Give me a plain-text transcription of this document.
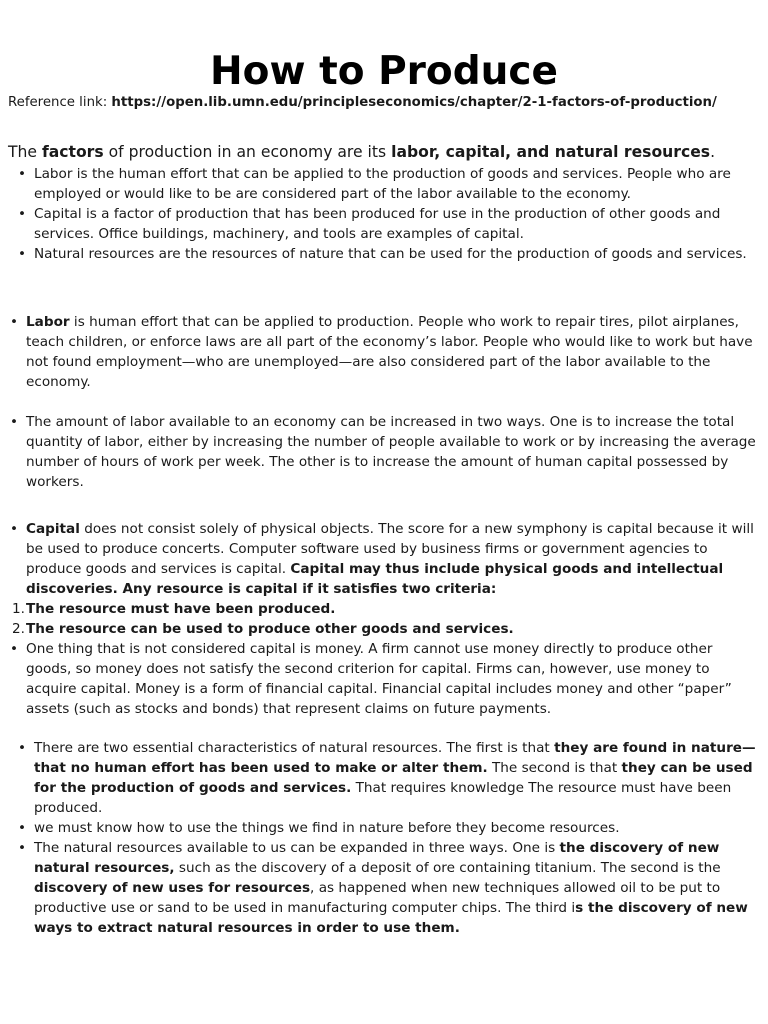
How to Produce
Reference link: https://open.lib.umn.edu/principleseconomics/chapter/2-1-factors-of-production/
The factors of production in an economy are its labor, capital, and natural resources.
• Labor is the human effort that can be applied to the production of goods and services. People who are employed or would like to be are considered part of the labor available to the economy.
• Capital is a factor of production that has been produced for use in the production of other goods and services. Office buildings, machinery, and tools are examples of capital.
• Natural resources are the resources of nature that can be used for the production of goods and services.
• Labor is human effort that can be applied to production. People who work to repair tires, pilot airplanes, teach children, or enforce laws are all part of the economy’s labor. People who would like to work but have not found employment—who are unemployed—are also considered part of the labor available to the economy.
• The amount of labor available to an economy can be increased in two ways. One is to increase the total quantity of labor, either by increasing the number of people available to work or by increasing the average number of hours of work per week. The other is to increase the amount of human capital possessed by workers.
• Capital does not consist solely of physical objects. The score for a new symphony is capital because it will be used to produce concerts. Computer software used by business firms or government agencies to produce goods and services is capital. Capital may thus include physical goods and intellectual discoveries. Any resource is capital if it satisfies two criteria:
1. The resource must have been produced.
2. The resource can be used to produce other goods and services.
• One thing that is not considered capital is money. A firm cannot use money directly to produce other goods, so money does not satisfy the second criterion for capital. Firms can, however, use money to acquire capital. Money is a form of financial capital. Financial capital includes money and other “paper” assets (such as stocks and bonds) that represent claims on future payments.
• There are two essential characteristics of natural resources. The first is that they are found in nature—that no human effort has been used to make or alter them. The second is that they can be used for the production of goods and services. That requires knowledge The resource must have been produced.
• we must know how to use the things we find in nature before they become resources.
• The natural resources available to us can be expanded in three ways. One is the discovery of new natural resources, such as the discovery of a deposit of ore containing titanium. The second is the discovery of new uses for resources, as happened when new techniques allowed oil to be put to productive use or sand to be used in manufacturing computer chips. The third is the discovery of new ways to extract natural resources in order to use them.
